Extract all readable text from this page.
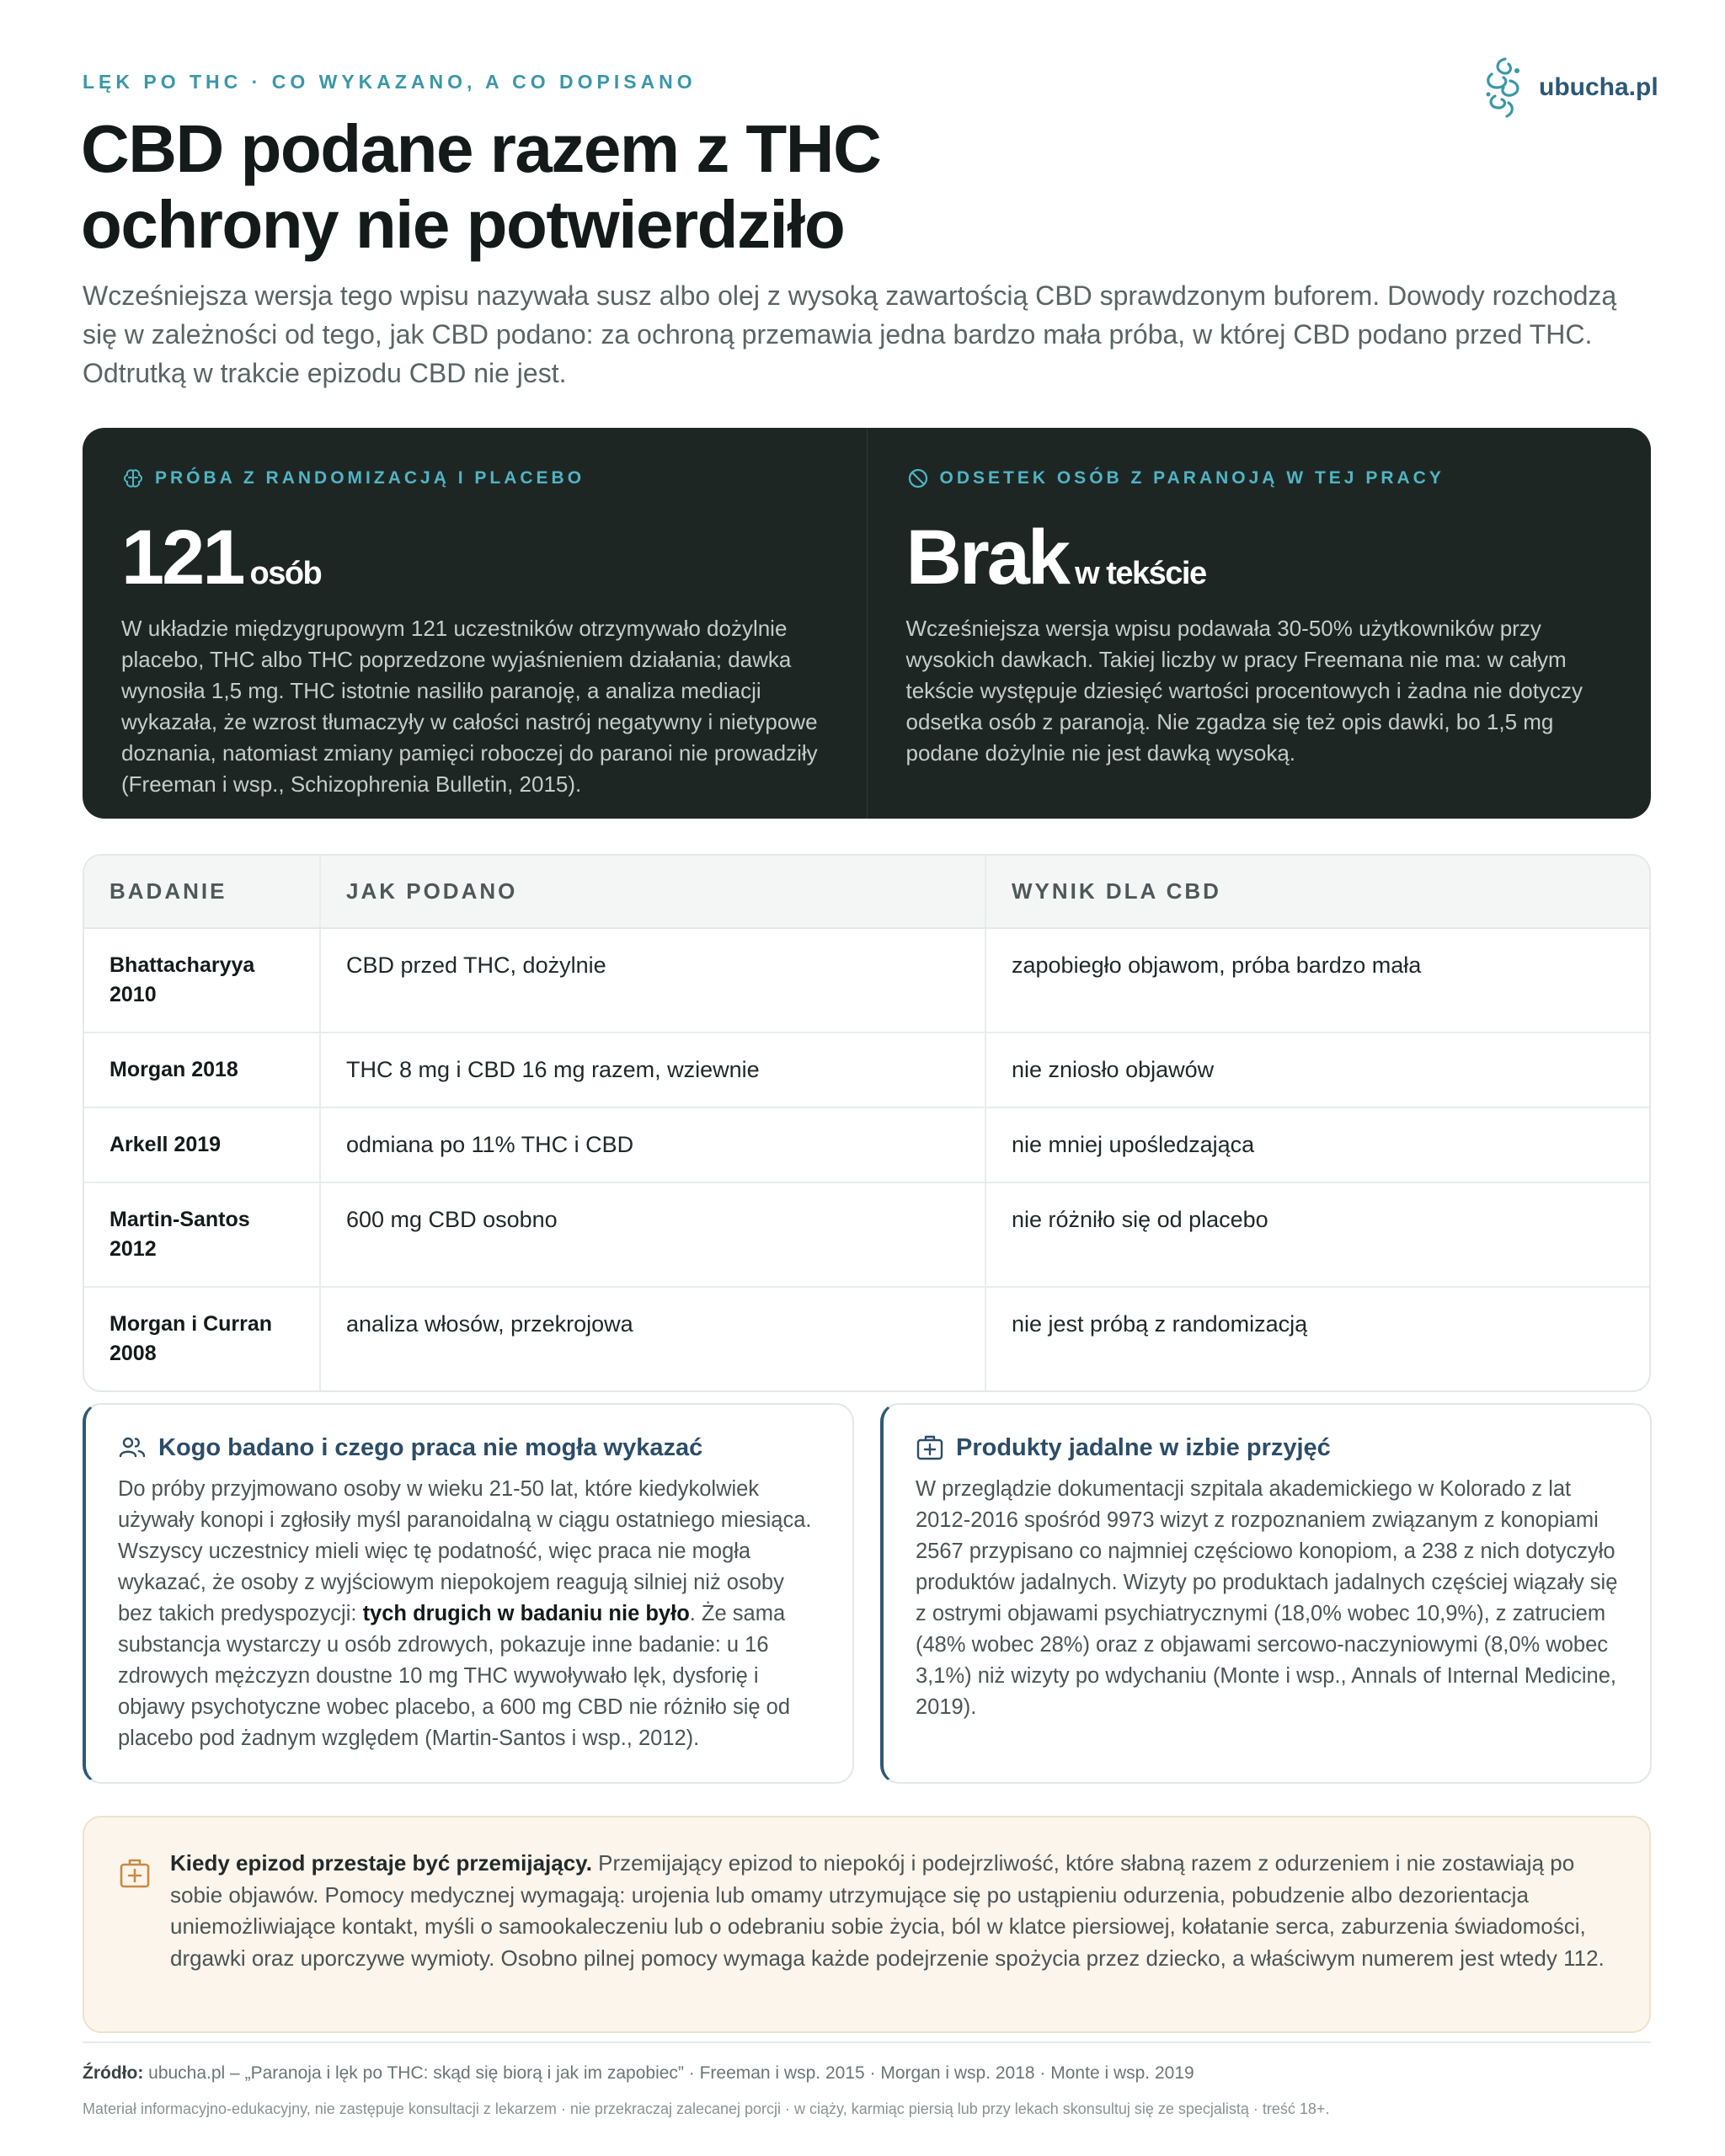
LĘK PO THC · CO WYKAZANO, A CO DOPISANO	ubucha.pl
CBD podane razem z THC
ochrony nie potwierdziło

Wcześniejsza wersja tego wpisu nazywała susz albo olej z wysoką zawartością CBD sprawdzonym buforem. Dowody rozchodzą się w zależności od tego, jak CBD podano: za ochroną przemawia jedna bardzo mała próba, w której CBD podano przed THC. Odtrutką w trakcie epizodu CBD nie jest.

PRÓBA Z RANDOMIZACJĄ I PLACEBO
121 osób

W układzie międzygrupowym 121 uczestników otrzymywało dożylnie placebo, THC albo THC poprzedzone wyjaśnieniem działania; dawka wynosiła 1,5 mg. THC istotnie nasiliło paranoję, a analiza mediacji wykazała, że wzrost tłumaczyły w całości nastrój negatywny i nietypowe doznania, natomiast zmiany pamięci roboczej do paranoi nie prowadziły (Freeman i wsp., Schizophrenia Bulletin, 2015).

ODSETEK OSÓB Z PARANOJĄ W TEJ PRACY
Brak w tekście

Wcześniejsza wersja wpisu podawała 30‑50% użytkowników przy wysokich dawkach. Takiej liczby w pracy Freemana nie ma: w całym tekście występuje dziesięć wartości procentowych i żadna nie dotyczy odsetka osób z paranoją. Nie zgadza się też opis dawki, bo 1,5 mg podane dożylnie nie jest dawką wysoką.

BADANIE	JAK PODANO	WYNIK DLA CBD
Bhattacharyya 2010	CBD przed THC, dożylnie	zapobiegło objawom, próba bardzo mała
Morgan 2018	THC 8 mg i CBD 16 mg razem, wziewnie	nie zniosło objawów
Arkell 2019	odmiana po 11% THC i CBD	nie mniej upośledzająca
Martin‑Santos 2012	600 mg CBD osobno	nie różniło się od placebo
Morgan i Curran 2008	analiza włosów, przekrojowa	nie jest próbą z randomizacją
Kogo badano i czego praca nie mogła wykazać

Do próby przyjmowano osoby w wieku 21‑50 lat, które kiedykolwiek używały konopi i zgłosiły myśl paranoidalną w ciągu ostatniego miesiąca. Wszyscy uczestnicy mieli więc tę podatność, więc praca nie mogła wykazać, że osoby z wyjściowym niepokojem reagują silniej niż osoby bez takich predyspozycji: tych drugich w badaniu nie było. Że sama substancja wystarczy u osób zdrowych, pokazuje inne badanie: u 16 zdrowych mężczyzn doustne 10 mg THC wywoływało lęk, dysforię i objawy psychotyczne wobec placebo, a 600 mg CBD nie różniło się od placebo pod żadnym względem (Martin‑Santos i wsp., 2012).

Produkty jadalne w izbie przyjęć

W przeglądzie dokumentacji szpitala akademickiego w Kolorado z lat 2012‑2016 spośród 9973 wizyt z rozpoznaniem związanym z konopiami 2567 przypisano co najmniej częściowo konopiom, a 238 z nich dotyczyło produktów jadalnych. Wizyty po produktach jadalnych częściej wiązały się z ostrymi objawami psychiatrycznymi (18,0% wobec 10,9%), z zatruciem (48% wobec 28%) oraz z objawami sercowo‑naczyniowymi (8,0% wobec 3,1%) niż wizyty po wdychaniu (Monte i wsp., Annals of Internal Medicine, 2019).

Kiedy epizod przestaje być przemijający. Przemijający epizod to niepokój i podejrzliwość, które słabną razem z odurzeniem i nie zostawiają po sobie objawów. Pomocy medycznej wymagają: urojenia lub omamy utrzymujące się po ustąpieniu odurzenia, pobudzenie albo dezorientacja uniemożliwiające kontakt, myśli o samookaleczeniu lub o odebraniu sobie życia, ból w klatce piersiowej, kołatanie serca, zaburzenia świadomości, drgawki oraz uporczywe wymioty. Osobno pilnej pomocy wymaga każde podejrzenie spożycia przez dziecko, a właściwym numerem jest wtedy 112.

Źródło: ubucha.pl – „Paranoja i lęk po THC: skąd się biorą i jak im zapobiec” · Freeman i wsp. 2015 · Morgan i wsp. 2018 · Monte i wsp. 2019

Materiał informacyjno‑edukacyjny, nie zastępuje konsultacji z lekarzem · nie przekraczaj zalecanej porcji · w ciąży, karmiąc piersią lub przy lekach skonsultuj się ze specjalistą · treść 18+.
